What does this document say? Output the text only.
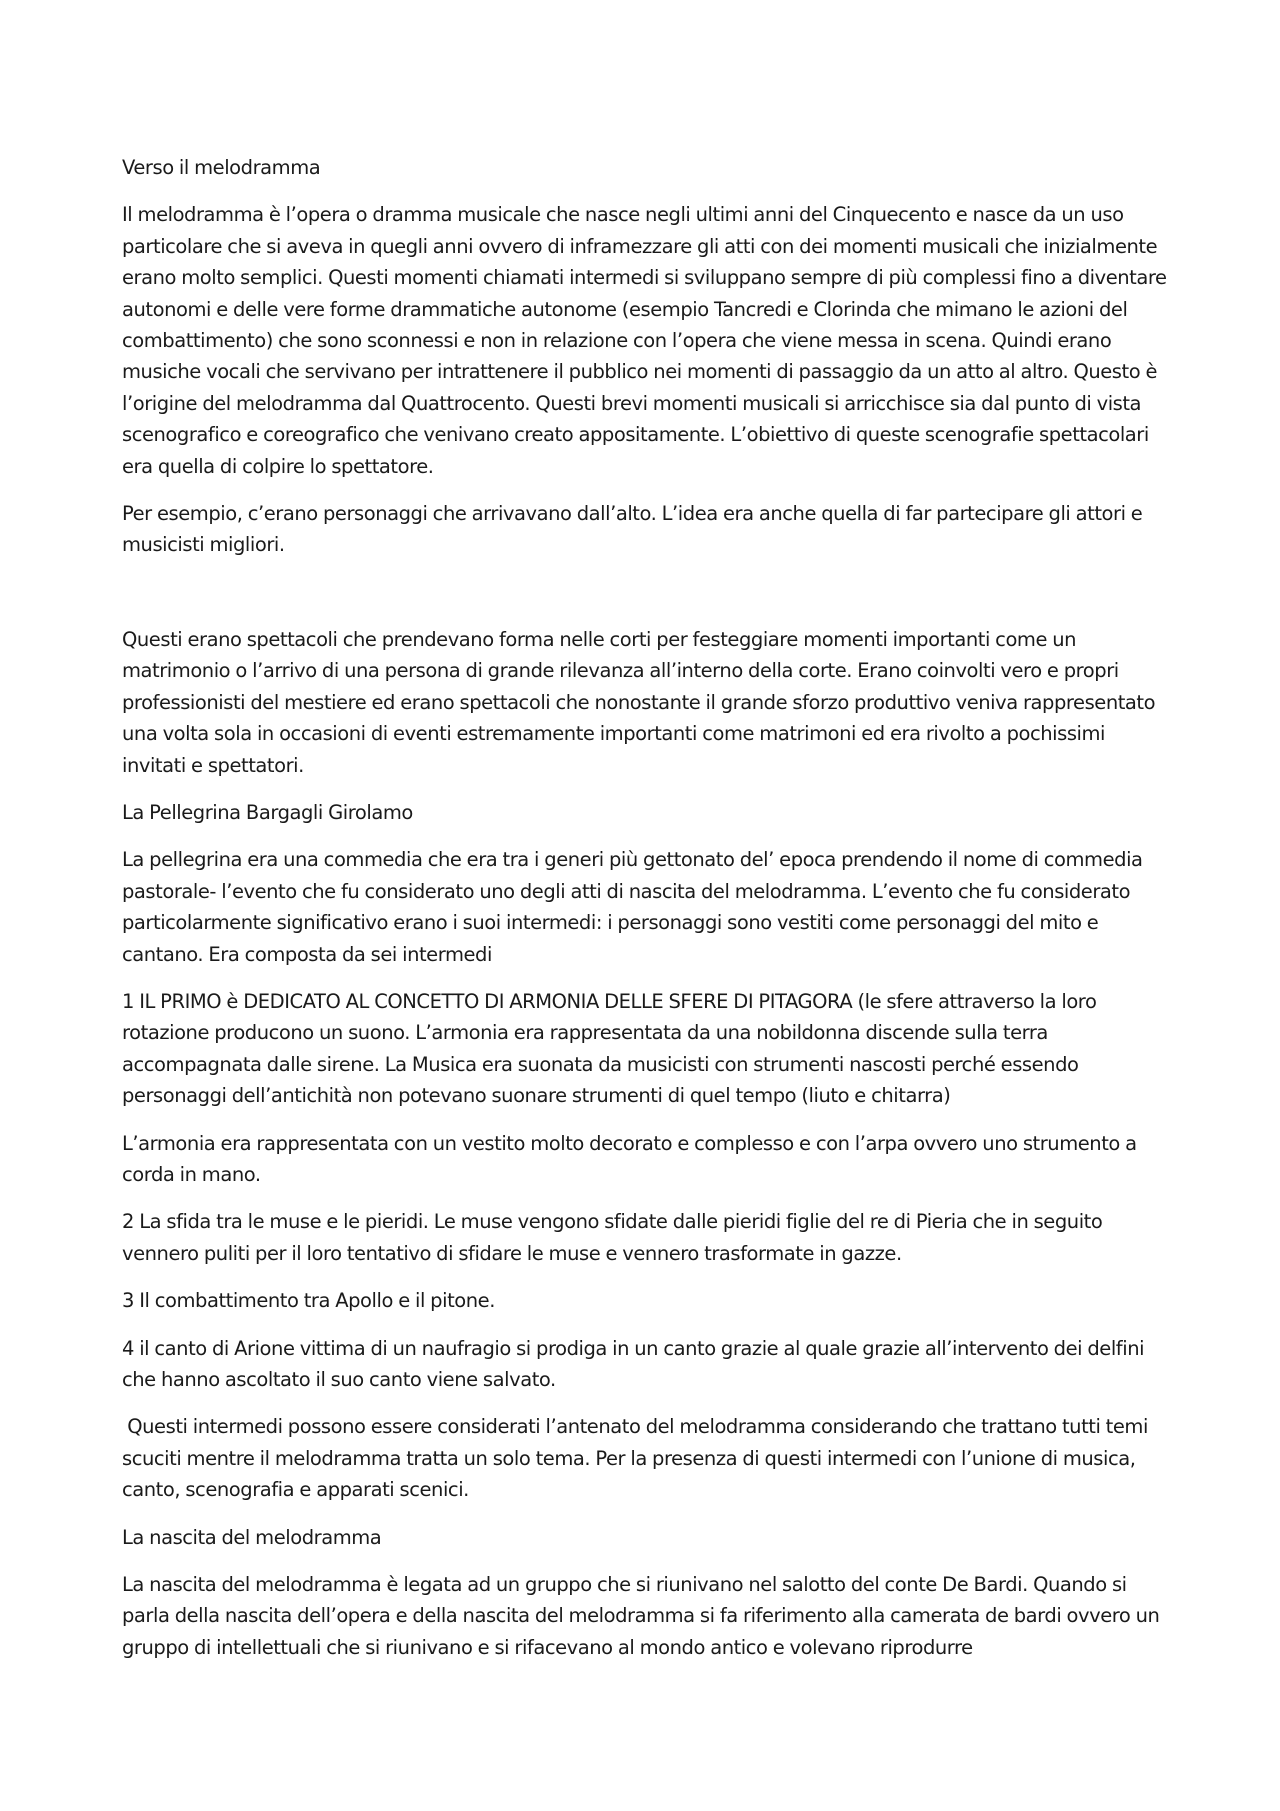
Verso il melodramma

Il melodramma è l’opera o dramma musicale che nasce negli ultimi anni del Cinquecento e nasce da un uso particolare che si aveva in quegli anni ovvero di inframezzare gli atti con dei momenti musicali che inizialmente erano molto semplici. Questi momenti chiamati intermedi si sviluppano sempre di più complessi fino a diventare autonomi e delle vere forme drammatiche autonome (esempio Tancredi e Clorinda che mimano le azioni del combattimento) che sono sconnessi e non in relazione con l’opera che viene messa in scena. Quindi erano musiche vocali che servivano per intrattenere il pubblico nei momenti di passaggio da un atto al altro. Questo è l’origine del melodramma dal Quattrocento. Questi brevi momenti musicali si arricchisce sia dal punto di vista scenografico e coreografico che venivano creato appositamente. L’obiettivo di queste scenografie spettacolari era quella di colpire lo spettatore.

Per esempio, c’erano personaggi che arrivavano dall’alto. L’idea era anche quella di far partecipare gli attori e musicisti migliori.

Questi erano spettacoli che prendevano forma nelle corti per festeggiare momenti importanti come un matrimonio o l’arrivo di una persona di grande rilevanza all’interno della corte. Erano coinvolti vero e propri professionisti del mestiere ed erano spettacoli che nonostante il grande sforzo produttivo veniva rappresentato una volta sola in occasioni di eventi estremamente importanti come matrimoni ed era rivolto a pochissimi invitati e spettatori.

La Pellegrina Bargagli Girolamo

La pellegrina era una commedia che era tra i generi più gettonato del’ epoca prendendo il nome di commedia pastorale- l’evento che fu considerato uno degli atti di nascita del melodramma. L’evento che fu considerato particolarmente significativo erano i suoi intermedi: i personaggi sono vestiti come personaggi del mito e cantano. Era composta da sei intermedi

1 IL PRIMO è DEDICATO AL CONCETTO DI ARMONIA DELLE SFERE DI PITAGORA (le sfere attraverso la loro rotazione producono un suono. L’armonia era rappresentata da una nobildonna discende sulla terra accompagnata dalle sirene. La Musica era suonata da musicisti con strumenti nascosti perché essendo personaggi dell’antichità non potevano suonare strumenti di quel tempo (liuto e chitarra)

L’armonia era rappresentata con un vestito molto decorato e complesso e con l’arpa ovvero uno strumento a corda in mano.

2 La sfida tra le muse e le pieridi. Le muse vengono sfidate dalle pieridi figlie del re di Pieria che in seguito vennero puliti per il loro tentativo di sfidare le muse e vennero trasformate in gazze.

3 Il combattimento tra Apollo e il pitone.

4 il canto di Arione vittima di un naufragio si prodiga in un canto grazie al quale grazie all’intervento dei delfini che hanno ascoltato il suo canto viene salvato.

Questi intermedi possono essere considerati l’antenato del melodramma considerando che trattano tutti temi scuciti mentre il melodramma tratta un solo tema. Per la presenza di questi intermedi con l’unione di musica, canto, scenografia e apparati scenici.

La nascita del melodramma

La nascita del melodramma è legata ad un gruppo che si riunivano nel salotto del conte De Bardi. Quando si parla della nascita dell’opera e della nascita del melodramma si fa riferimento alla camerata de bardi ovvero un gruppo di intellettuali che si riunivano e si rifacevano al mondo antico e volevano riprodurre
